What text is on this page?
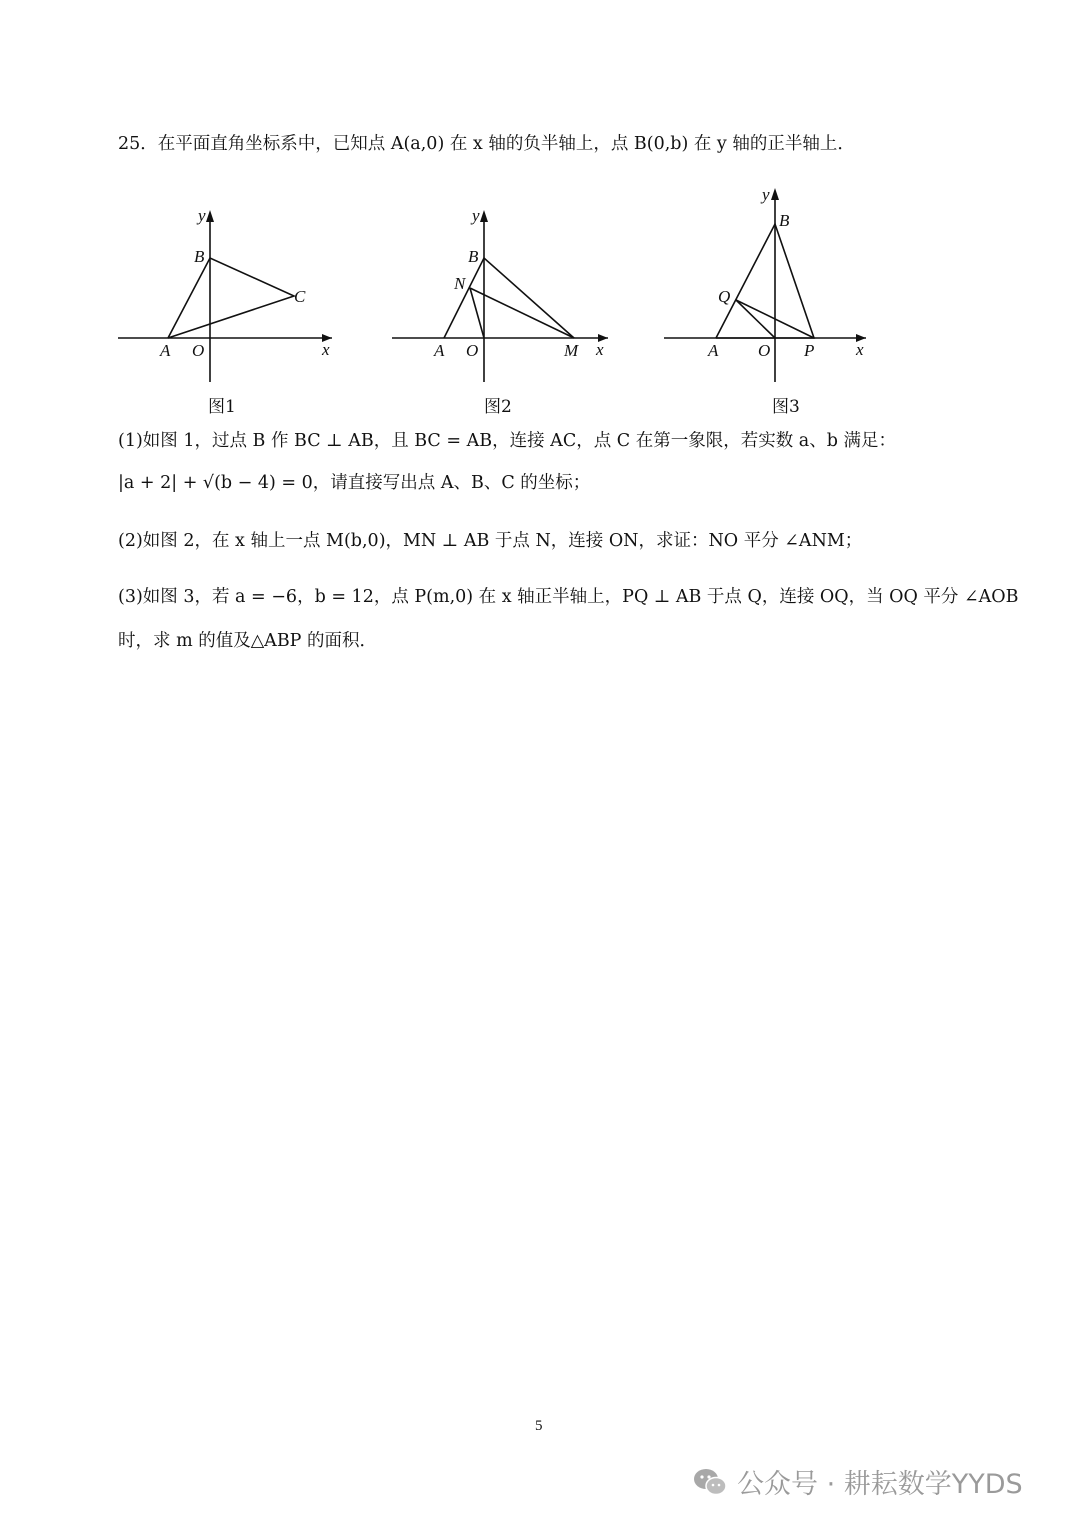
25．在平面直角坐标系中，已知点 A(a,0) 在 x 轴的负半轴上，点 B(0,b) 在 y 轴的正半轴上．
y
x
A O
B
C
图1
y
x
A O
B
N
M
图2
y
x
A O
B
Q
P
图3
(1)如图 1，过点 B 作 BC ⊥ AB，且 BC = AB，连接 AC，点 C 在第一象限，若实数 a、b 满足：
|a + 2| + √(b − 4) = 0，请直接写出点 A、B、C 的坐标；
(2)如图 2，在 x 轴上一点 M(b,0)，MN ⊥ AB 于点 N，连接 ON，求证：NO 平分 ∠ANM；
(3)如图 3，若 a = −6，b = 12，点 P(m,0) 在 x 轴正半轴上，PQ ⊥ AB 于点 Q，连接 OQ，当 OQ 平分 ∠AOB
时，求 m 的值及△ABP 的面积．
5
公众号 · 耕耘数学YYDS
